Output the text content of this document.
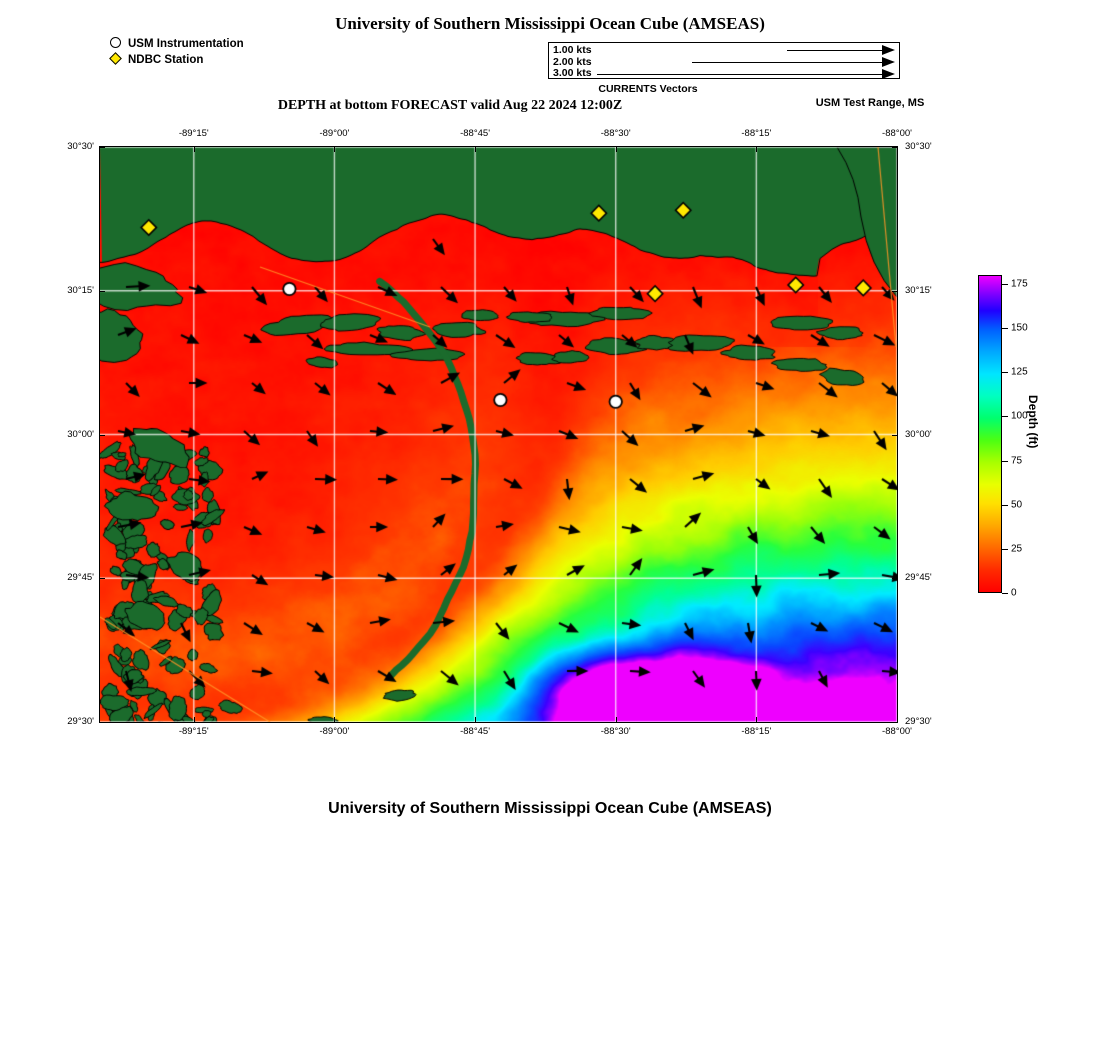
University of Southern Mississippi Ocean Cube (AMSEAS)
USM Instrumentation
NDBC Station
1.00 kts
2.00 kts
3.00 kts
CURRENTS Vectors
DEPTH at bottom FORECAST valid Aug 22 2024 12:00Z	USM Test Range, MS
-89°15'
-89°15'
-89°00'
-89°00'
-88°45'
-88°45'
-88°30'
-88°30'
-88°15'
-88°15'
-88°00'
-88°00'
30°30'	30°30'
30°15'	30°15'
30°00'	30°00'
29°45'	29°45'
29°30'	29°30'
0
25
50
75
100
125
150
175
Depth (ft)
University of Southern Mississippi Ocean Cube (AMSEAS)
